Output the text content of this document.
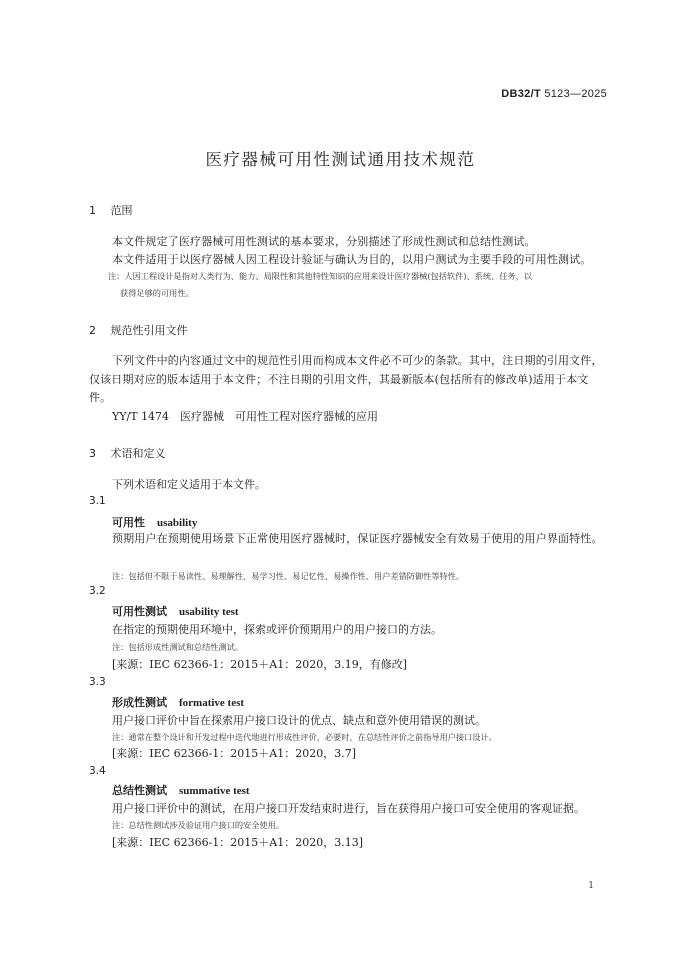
DB32/T 5123—2025
医疗器械可用性测试通用技术规范
1 范围
本文件规定了医疗器械可用性测试的基本要求，分别描述了形成性测试和总结性测试。
本文件适用于以医疗器械人因工程设计验证与确认为目的，以用户测试为主要手段的可用性测试。
注：人因工程设计是指对人类行为、能力、局限性和其他特性知识的应用来设计医疗器械(包括软件)、系统、任务，以
获得足够的可用性。
2 规范性引用文件
下列文件中的内容通过文中的规范性引用而构成本文件必不可少的条款。其中，注日期的引用文件，仅该日期对应的版本适用于本文件；不注日期的引用文件，其最新版本(包括所有的修改单)适用于本文件。
YY/T 1474　医疗器械　可用性工程对医疗器械的应用
3 术语和定义
下列术语和定义适用于本文件。
3.1
可用性 usability
预期用户在预期使用场景下正常使用医疗器械时，保证医疗器械安全有效易于使用的用户界面特性。
注：包括但不限于易读性、易理解性、易学习性、易记忆性、易操作性、用户差错防御性等特性。
3.2
可用性测试 usability test
在指定的预期使用环境中，探索或评价预期用户的用户接口的方法。
注：包括形成性测试和总结性测试。
[来源：IEC 62366-1：2015＋A1：2020，3.19，有修改]
3.3
形成性测试 formative test
用户接口评价中旨在探索用户接口设计的优点、缺点和意外使用错误的测试。
注：通常在整个设计和开发过程中迭代地进行形成性评价，必要时，在总结性评价之前指导用户接口设计。
[来源：IEC 62366-1：2015＋A1：2020，3.7]
3.4
总结性测试 summative test
用户接口评价中的测试，在用户接口开发结束时进行，旨在获得用户接口可安全使用的客观证据。
注：总结性测试涉及验证用户接口的安全使用。
[来源：IEC 62366-1：2015＋A1：2020，3.13]
1
